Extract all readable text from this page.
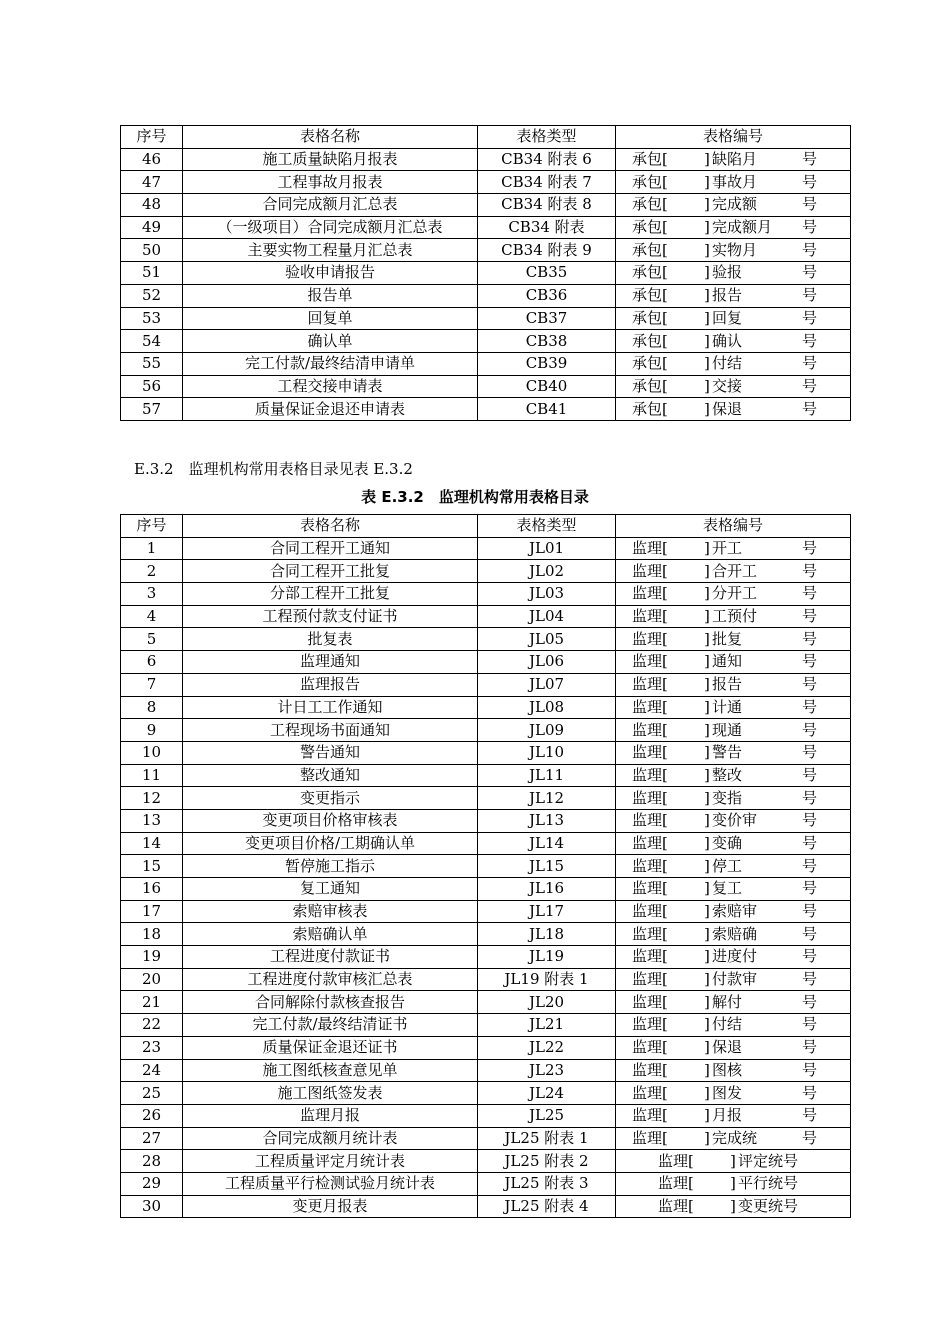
序号	表格名称	表格类型	表格编号
46	施工质量缺陷月报表	CB34 附表 6	承包[ ] 缺陷月 号

47	工程事故月报表	CB34 附表 7	承包[ ] 事故月 号

48	合同完成额月汇总表	CB34 附表 8	承包[ ] 完成额 号

49	（一级项目）合同完成额月汇总表	CB34 附表	承包[ ] 完成额月 号

50	主要实物工程量月汇总表	CB34 附表 9	承包[ ] 实物月 号

51	验收申请报告	CB35	承包[ ] 验报 号

52	报告单	CB36	承包[ ] 报告 号

53	回复单	CB37	承包[ ] 回复 号

54	确认单	CB38	承包[ ] 确认 号

55	完工付款/最终结清申请单	CB39	承包[ ] 付结 号

56	工程交接申请表	CB40	承包[ ] 交接 号

57	质量保证金退还申请表	CB41	承包[ ] 保退 号
E.3.2　监理机构常用表格目录见表 E.3.2
表 E.3.2　监理机构常用表格目录
序号	表格名称	表格类型	表格编号
1	合同工程开工通知	JL01	监理[ ] 开工 号

2	合同工程开工批复	JL02	监理[ ] 合开工 号

3	分部工程开工批复	JL03	监理[ ] 分开工 号

4	工程预付款支付证书	JL04	监理[ ] 工预付 号

5	批复表	JL05	监理[ ] 批复 号

6	监理通知	JL06	监理[ ] 通知 号

7	监理报告	JL07	监理[ ] 报告 号

8	计日工工作通知	JL08	监理[ ] 计通 号

9	工程现场书面通知	JL09	监理[ ] 现通 号

10	警告通知	JL10	监理[ ] 警告 号

11	整改通知	JL11	监理[ ] 整改 号

12	变更指示	JL12	监理[ ] 变指 号

13	变更项目价格审核表	JL13	监理[ ] 变价审 号

14	变更项目价格/工期确认单	JL14	监理[ ] 变确 号

15	暂停施工指示	JL15	监理[ ] 停工 号

16	复工通知	JL16	监理[ ] 复工 号

17	索赔审核表	JL17	监理[ ] 索赔审 号

18	索赔确认单	JL18	监理[ ] 索赔确 号

19	工程进度付款证书	JL19	监理[ ] 进度付 号

20	工程进度付款审核汇总表	JL19 附表 1	监理[ ] 付款审 号

21	合同解除付款核查报告	JL20	监理[ ] 解付 号

22	完工付款/最终结清证书	JL21	监理[ ] 付结 号

23	质量保证金退还证书	JL22	监理[ ] 保退 号

24	施工图纸核查意见单	JL23	监理[ ] 图核 号

25	施工图纸签发表	JL24	监理[ ] 图发 号

26	监理月报	JL25	监理[ ] 月报 号

27	合同完成额月统计表	JL25 附表 1	监理[ ] 完成统 号

28	工程质量评定月统计表	JL25 附表 2	监理[ ] 评定统号

29	工程质量平行检测试验月统计表	JL25 附表 3	监理[ ] 平行统号

30	变更月报表	JL25 附表 4	监理[ ] 变更统号
